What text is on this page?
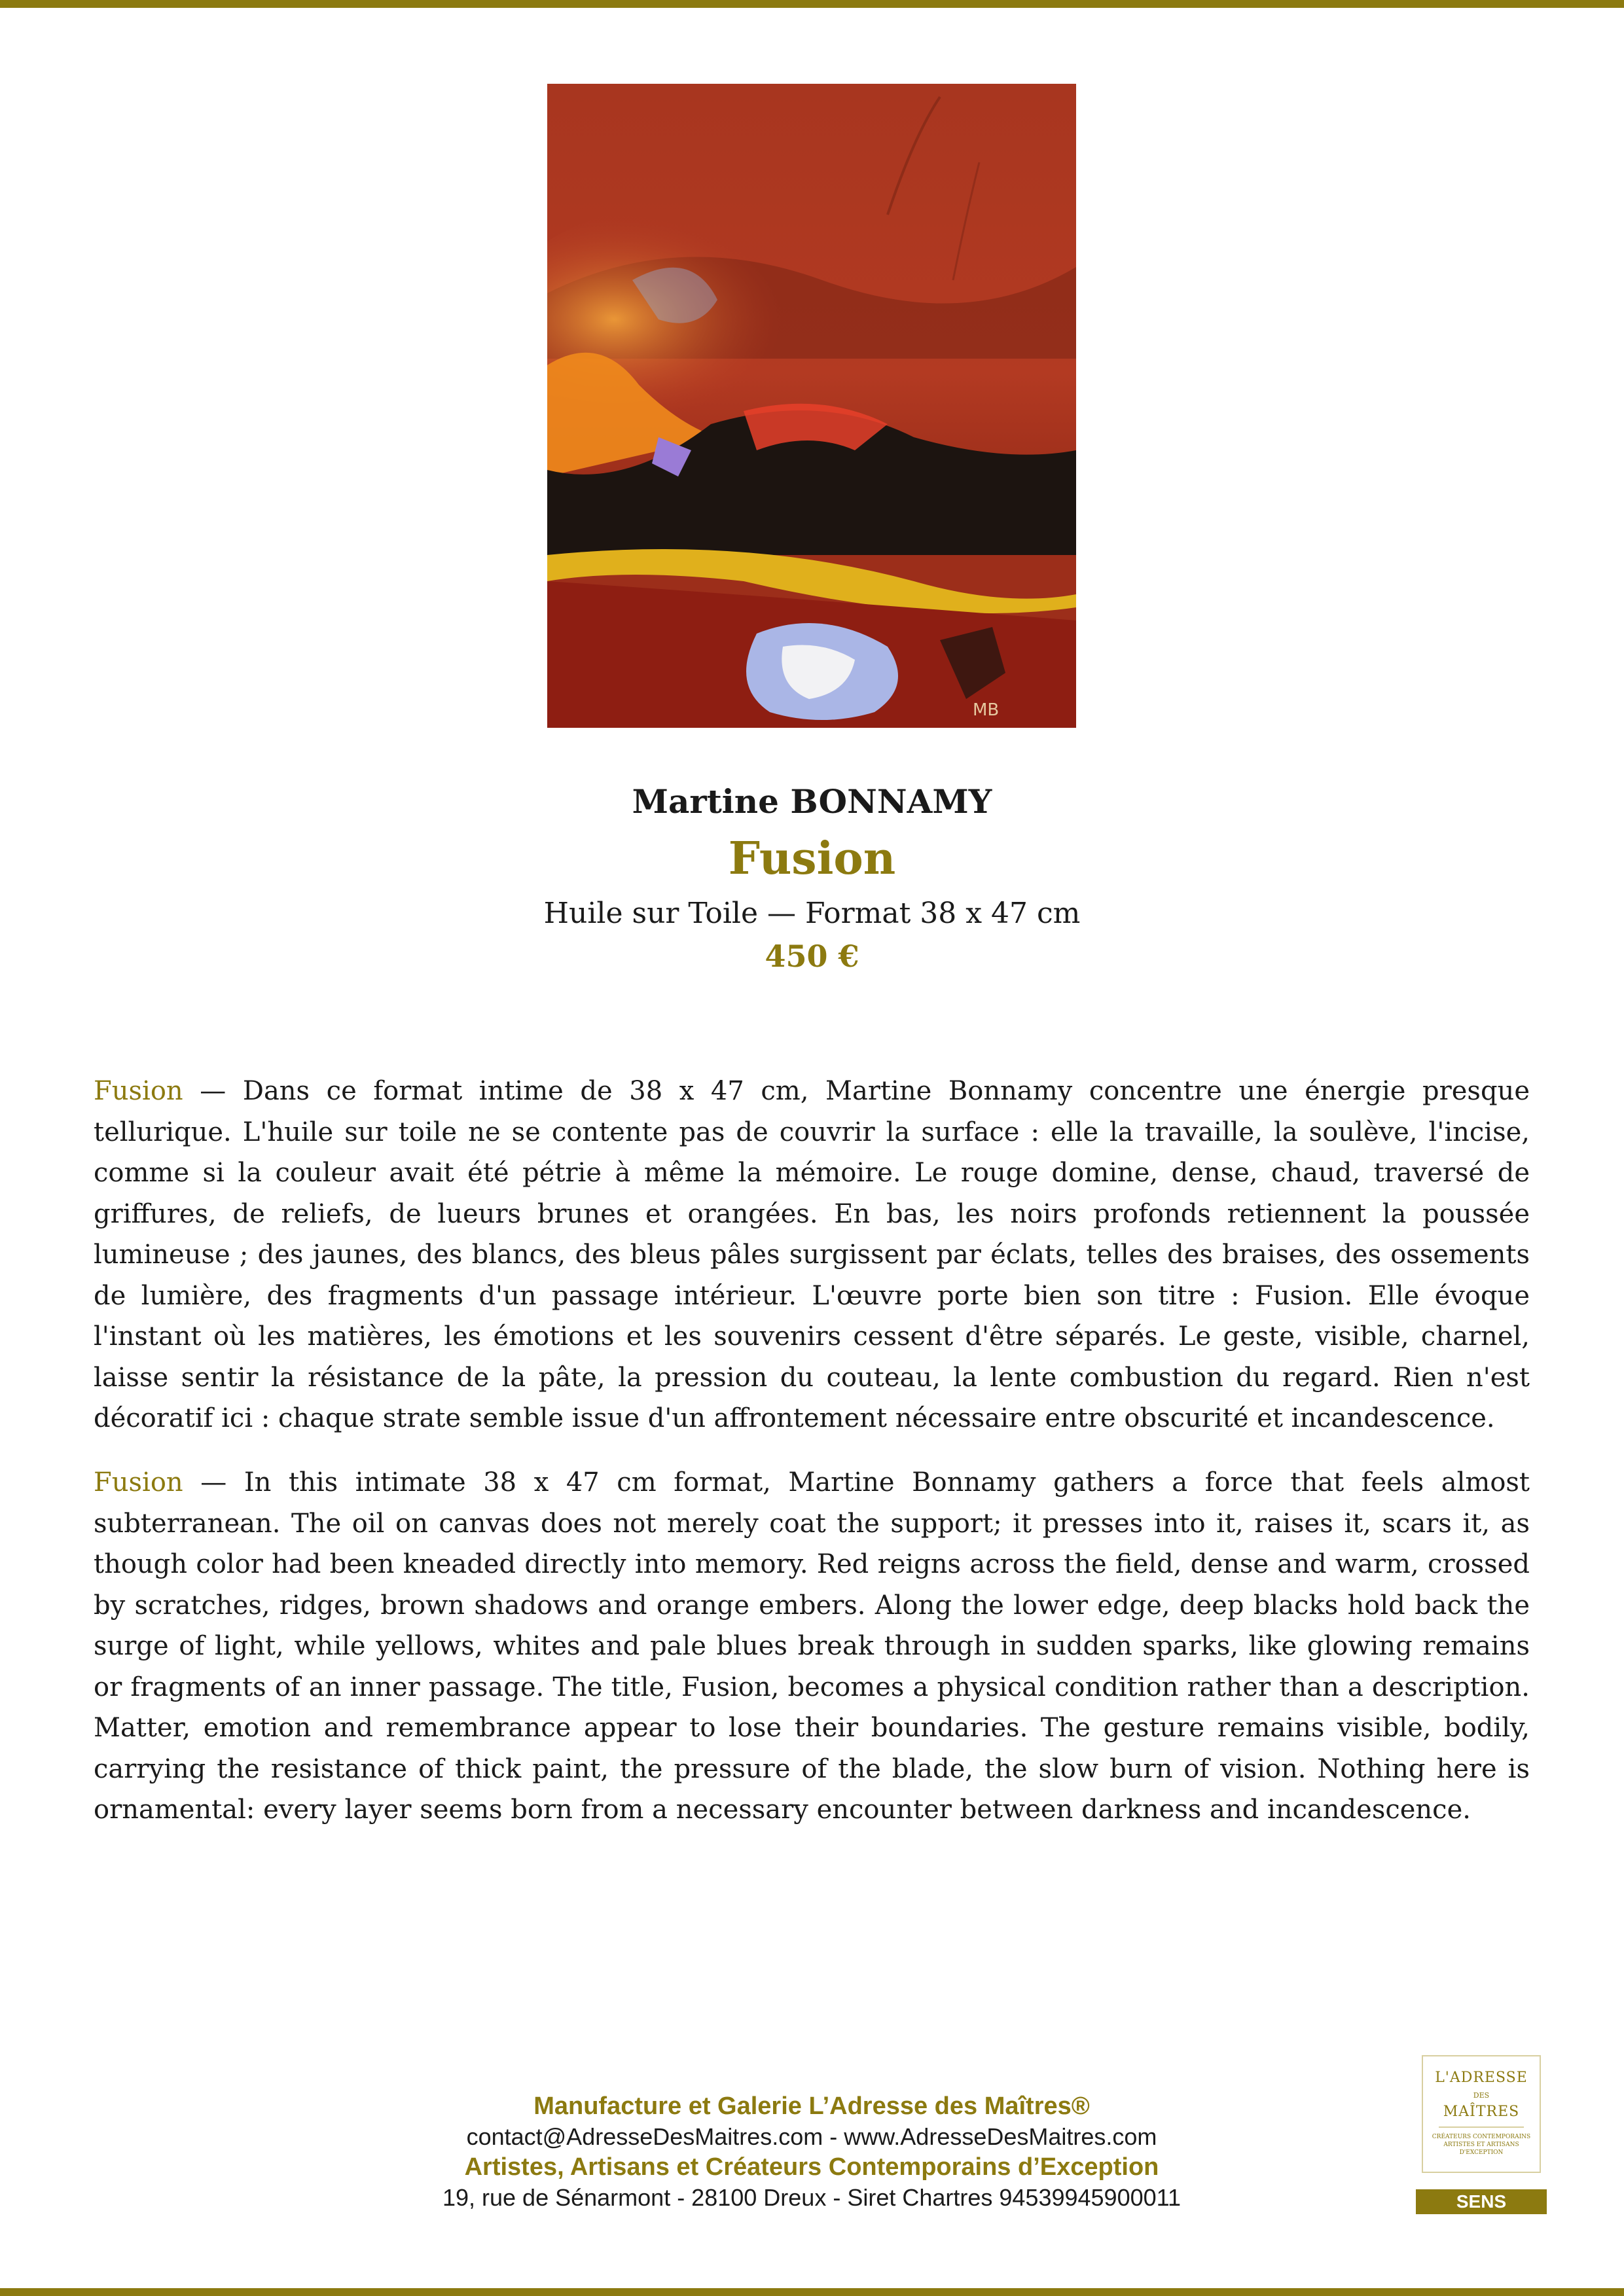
MB
Martine BONNAMY
Fusion
Huile sur Toile — Format 38 x 47 cm
450 €
Fusion — Dans ce format intime de 38 x 47 cm, Martine Bonnamy concentre une énergie presque tellurique. L'huile sur toile ne se contente pas de couvrir la surface : elle la travaille, la soulève, l'incise, comme si la couleur avait été pétrie à même la mémoire. Le rouge domine, dense, chaud, traversé de griffures, de reliefs, de lueurs brunes et orangées. En bas, les noirs profonds retiennent la poussée lumineuse ; des jaunes, des blancs, des bleus pâles surgissent par éclats, telles des braises, des ossements de lumière, des fragments d'un passage intérieur. L'œuvre porte bien son titre : Fusion. Elle évoque l'instant où les matières, les émotions et les souvenirs cessent d'être séparés. Le geste, visible, charnel, laisse sentir la résistance de la pâte, la pression du couteau, la lente combustion du regard. Rien n'est décoratif ici : chaque strate semble issue d'un affrontement nécessaire entre obscurité et incandescence.
Fusion — In this intimate 38 x 47 cm format, Martine Bonnamy gathers a force that feels almost subterranean. The oil on canvas does not merely coat the support; it presses into it, raises it, scars it, as though color had been kneaded directly into memory. Red reigns across the field, dense and warm, crossed by scratches, ridges, brown shadows and orange embers. Along the lower edge, deep blacks hold back the surge of light, while yellows, whites and pale blues break through in sudden sparks, like glowing remains or fragments of an inner passage. The title, Fusion, becomes a physical condition rather than a description. Matter, emotion and remembrance appear to lose their boundaries. The gesture remains visible, bodily, carrying the resistance of thick paint, the pressure of the blade, the slow burn of vision. Nothing here is ornamental: every layer seems born from a necessary encounter between darkness and incandescence.
Manufacture et Galerie L’Adresse des Maîtres®
contact@AdresseDesMaitres.com - www.AdresseDesMaitres.com
Artistes, Artisans et Créateurs Contemporains d’Exception
19, rue de Sénarmont - 28100 Dreux - Siret Chartres 94539945900011
L'ADRESSE
DES
MAÎTRES
CRÉATEURS CONTEMPORAINS ARTISTES ET ARTISANS D'EXCEPTION
SENS
